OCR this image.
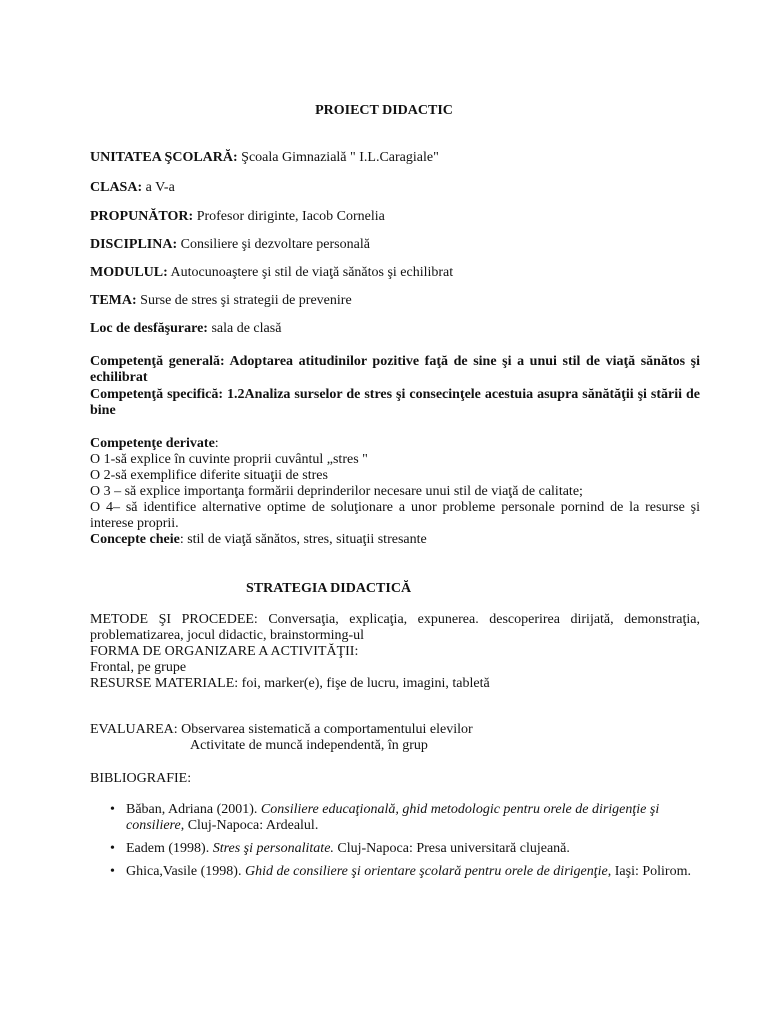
PROIECT DIDACTIC
UNITATEA ŞCOLARĂ: Şcoala Gimnazială " I.L.Caragiale"
CLASA: a V-a
PROPUNĂTOR: Profesor diriginte, Iacob Cornelia
DISCIPLINA: Consiliere şi dezvoltare personală
MODULUL: Autocunoaştere şi stil de viaţă sănătos şi echilibrat
TEMA: Surse de stres şi strategii de prevenire
Loc de desfăşurare: sala de clasă
Competenţă generală: Adoptarea atitudinilor pozitive faţă de sine şi a unui stil de viaţă sănătos şi echilibrat
Competenţă specifică: 1.2Analiza surselor de stres şi consecinţele acestuia asupra sănătăţii şi stării de bine
Competenţe derivate:
O 1-să explice în cuvinte proprii cuvântul „stres "
O 2-să exemplifice diferite situaţii de stres
O 3 – să explice importanţa formării deprinderilor necesare unui stil de viaţă de calitate;
O 4– să identifice alternative optime de soluţionare a unor probleme personale pornind de la resurse şi interese proprii.
Concepte cheie: stil de viaţă sănătos, stres, situaţii stresante
STRATEGIA DIDACTICĂ
METODE ŞI PROCEDEE: Conversaţia, explicaţia, expunerea. descoperirea dirijată, demonstraţia, problematizarea, jocul didactic, brainstorming-ul
FORMA DE ORGANIZARE A ACTIVITĂŢII:
Frontal, pe grupe
RESURSE MATERIALE: foi, marker(e), fişe de lucru, imagini, tabletă
EVALUAREA: Observarea sistematică a comportamentului elevilor
Activitate de muncă independentă, în grup
BIBLIOGRAFIE:
• Băban, Adriana (2001). Consiliere educaţională, ghid metodologic pentru orele de dirigenţie şi consiliere, Cluj-Napoca: Ardealul.
• Eadem (1998). Stres şi personalitate. Cluj-Napoca: Presa universitară clujeană.
• Ghica,Vasile (1998). Ghid de consiliere şi orientare şcolară pentru orele de dirigenţie, Iaşi: Polirom.
